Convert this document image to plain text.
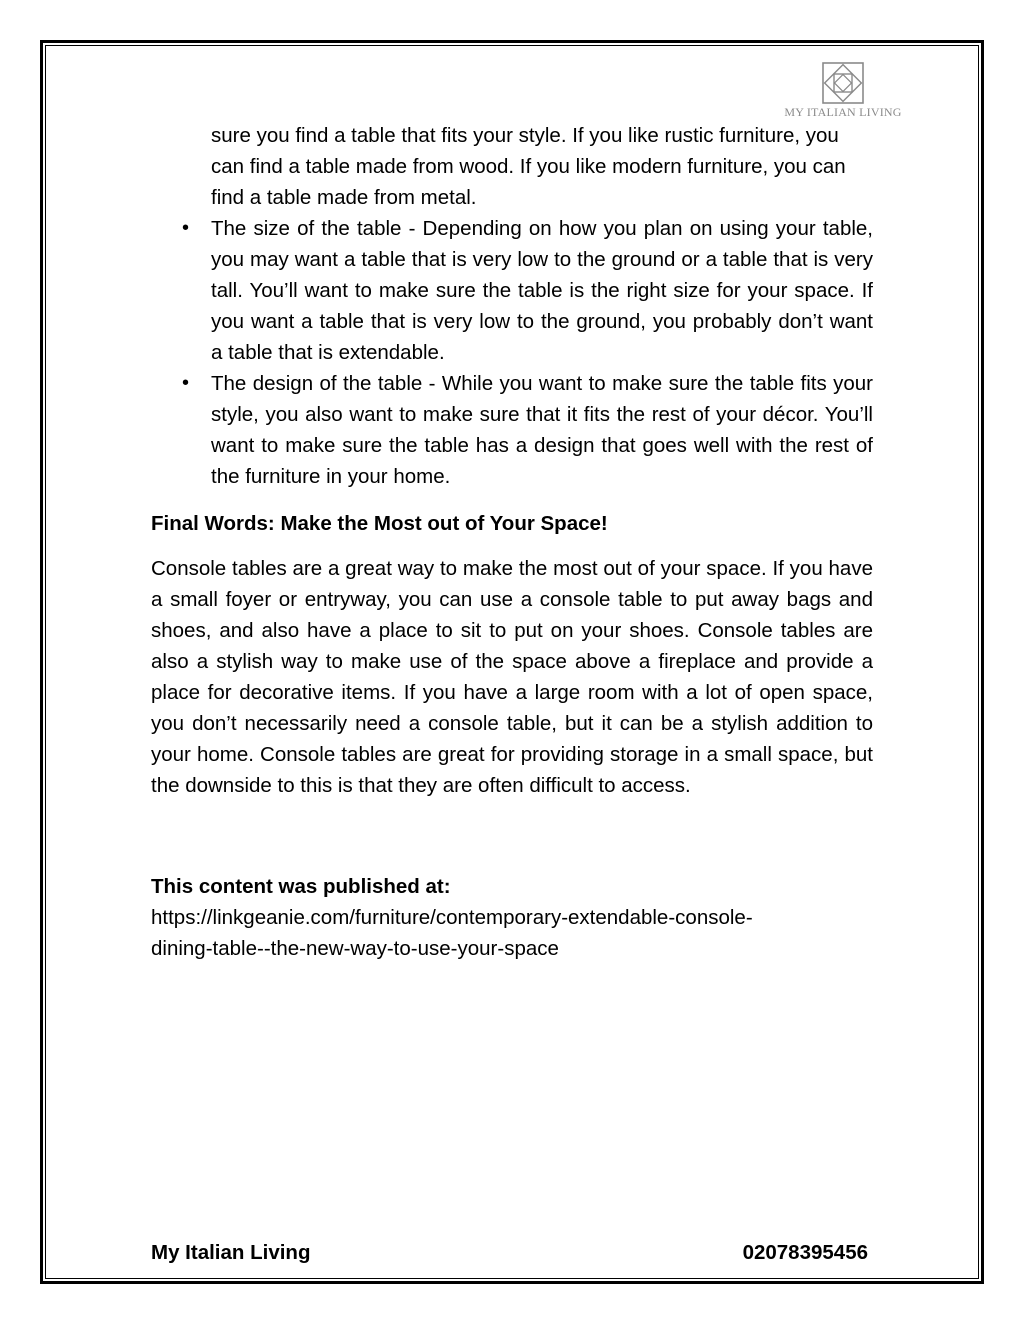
MY ITALIAN LIVING

sure you find a table that fits your style. If you like rustic furniture, you can find a table made from wood. If you like modern furniture, you can find a table made from metal.

• The size of the table - Depending on how you plan on using your table, you may want a table that is very low to the ground or a table that is very tall. You’ll want to make sure the table is the right size for your space. If you want a table that is very low to the ground, you probably don’t want a table that is extendable.
• The design of the table - While you want to make sure the table fits your style, you also want to make sure that it fits the rest of your décor. You’ll want to make sure the table has a design that goes well with the rest of the furniture in your home.
Final Words: Make the Most out of Your Space!

Console tables are a great way to make the most out of your space. If you have a small foyer or entryway, you can use a console table to put away bags and shoes, and also have a place to sit to put on your shoes. Console tables are also a stylish way to make use of the space above a fireplace and provide a place for decorative items. If you have a large room with a lot of open space, you don’t necessarily need a console table, but it can be a stylish addition to your home. Console tables are great for providing storage in a small space, but the downside to this is that they are often difficult to access.

This content was published at:
https://linkgeanie.com/furniture/contemporary-extendable-console-
dining-table--the-new-way-to-use-your-space
My Italian Living	02078395456
